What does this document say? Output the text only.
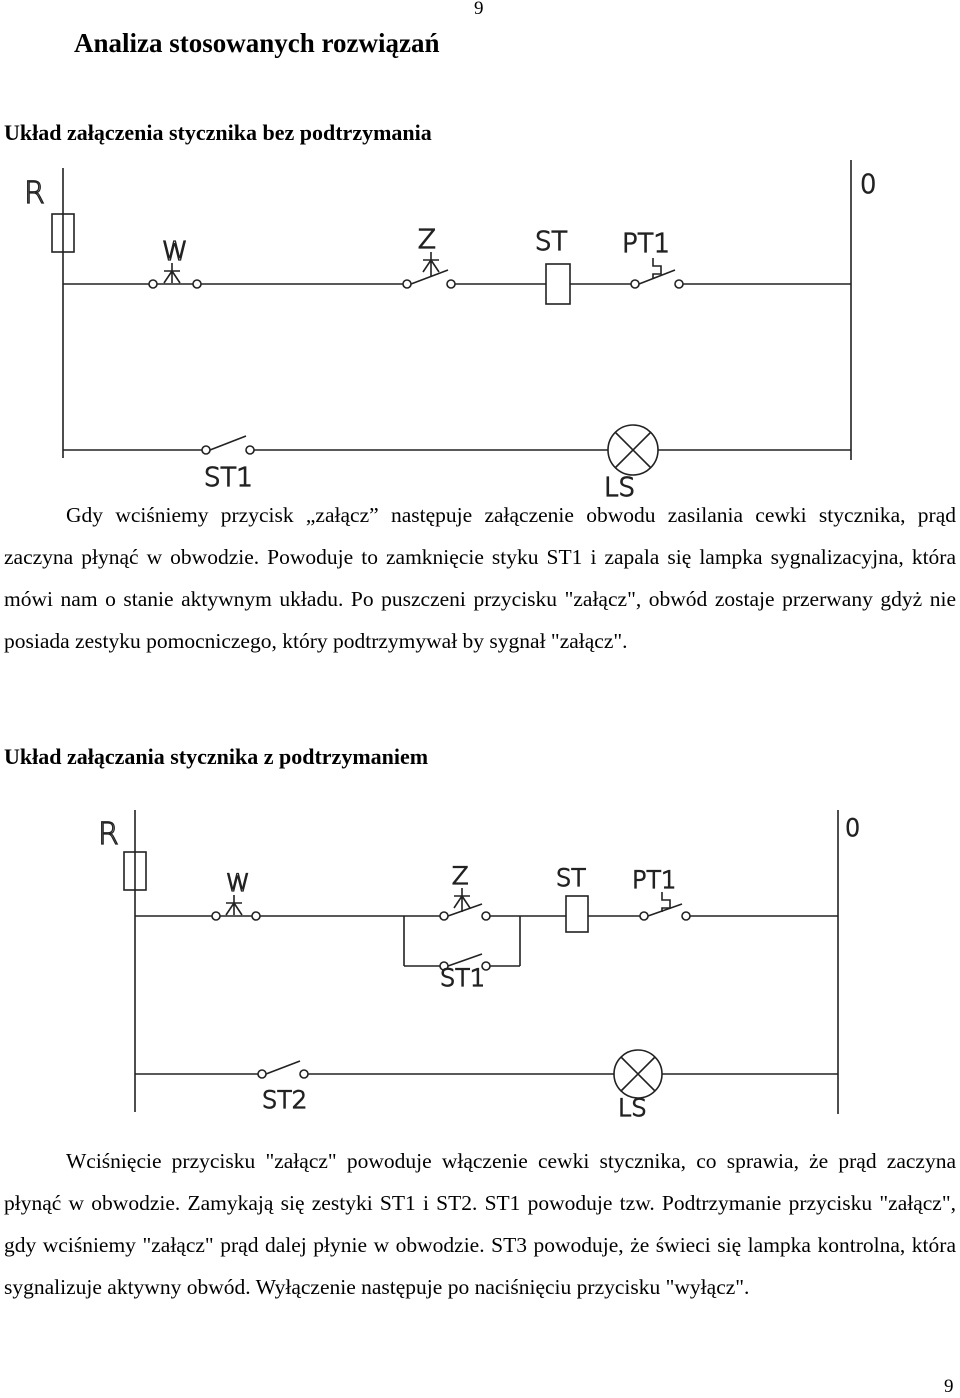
9
Analiza stosowanych rozwiązań
Układ załączenia stycznika bez podtrzymania
R	0
W	Z	ST PT1
ST1	LS

Gdy wciśniemy przycisk „załącz” następuje załączenie obwodu zasilania cewki stycznika, prąd zaczyna płynąć w obwodzie. Powoduje to zamknięcie styku ST1 i zapala się lampka sygnalizacyjna, która mówi nam o stanie aktywnym układu. Po puszczeni przycisku "załącz", obwód zostaje przerwany gdyż nie posiada zestyku pomocniczego, który podtrzymywał by sygnał "załącz".

Układ załączania stycznika z podtrzymaniem
R	0
W	Z	ST PT1
ST1
ST2	LS

Wciśnięcie przycisku "załącz" powoduje włączenie cewki stycznika, co sprawia, że prąd zaczyna płynąć w obwodzie. Zamykają się zestyki ST1 i ST2. ST1 powoduje tzw. Podtrzymanie przycisku "załącz", gdy wciśniemy "załącz" prąd dalej płynie w obwodzie. ST3 powoduje, że świeci się lampka kontrolna, która sygnalizuje aktywny obwód. Wyłączenie następuje po naciśnięciu przycisku "wyłącz".

9
